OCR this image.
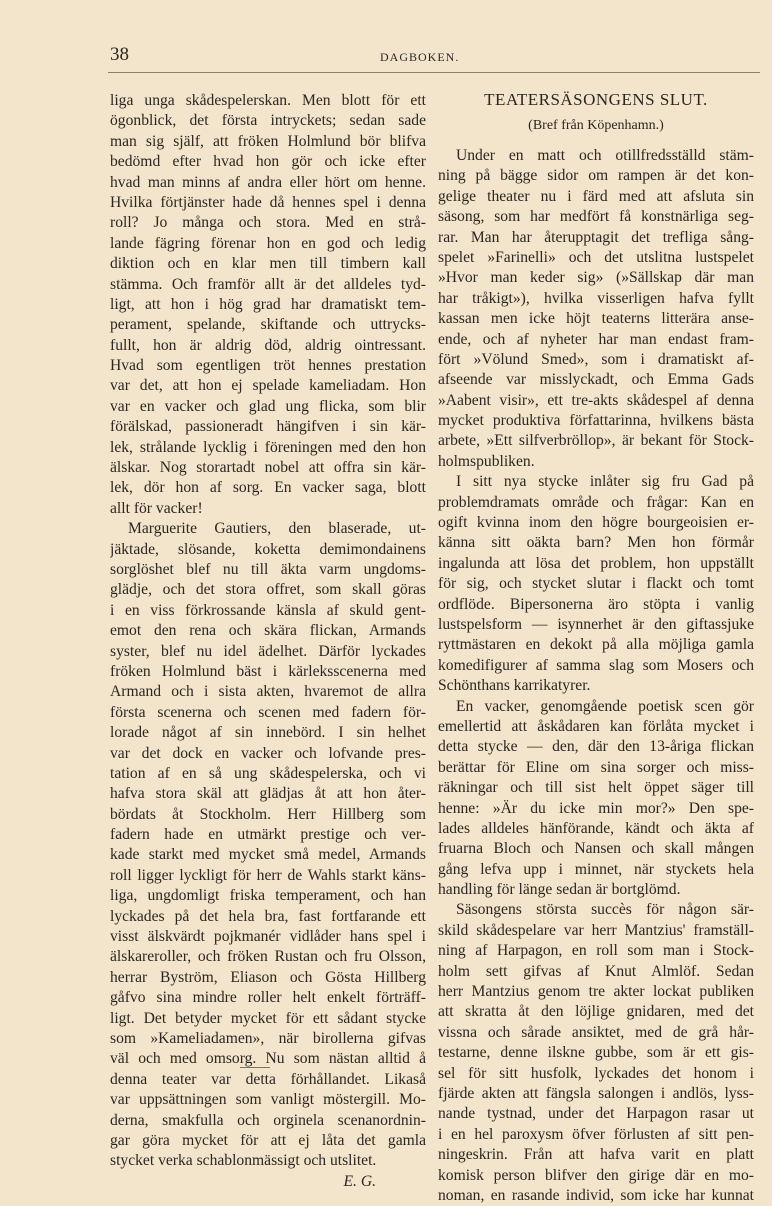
38	DAGBOKEN.
liga unga skådespelerskan. Men blott för ett
ögonblick, det första intryckets; sedan sade
man sig själf, att fröken Holmlund bör blifva
bedömd efter hvad hon gör och icke efter
hvad man minns af andra eller hört om henne.
Hvilka förtjänster hade då hennes spel i denna
roll? Jo många och stora. Med en strå-
lande fägring förenar hon en god och ledig
diktion och en klar men till timbern kall
stämma. Och framför allt är det alldeles tyd-
ligt, att hon i hög grad har dramatiskt tem-
perament, spelande, skiftande och uttrycks-
fullt, hon är aldrig död, aldrig ointressant.
Hvad som egentligen tröt hennes prestation
var det, att hon ej spelade kameliadam. Hon
var en vacker och glad ung flicka, som blir
förälskad, passioneradt hängifven i sin kär-
lek, strålande lycklig i föreningen med den hon
älskar. Nog storartadt nobel att offra sin kär-
lek, dör hon af sorg. En vacker saga, blott
allt för vacker!
Marguerite Gautiers, den blaserade, ut-
jäktade, slösande, koketta demimondainens
sorglöshet blef nu till äkta varm ungdoms-
glädje, och det stora offret, som skall göras
i en viss förkrossande känsla af skuld gent-
emot den rena och skära flickan, Armands
syster, blef nu idel ädelhet. Därför lyckades
fröken Holmlund bäst i kärleksscenerna med
Armand och i sista akten, hvaremot de allra
första scenerna och scenen med fadern för-
lorade något af sin innebörd. I sin helhet
var det dock en vacker och lofvande pres-
tation af en så ung skådespelerska, och vi
hafva stora skäl att glädjas åt att hon åter-
bördats åt Stockholm. Herr Hillberg som
fadern hade en utmärkt prestige och ver-
kade starkt med mycket små medel, Armands
roll ligger lyckligt för herr de Wahls starkt käns-
liga, ungdomligt friska temperament, och han
lyckades på det hela bra, fast fortfarande ett
visst älskvärdt pojkmanér vidlåder hans spel i
älskareroller, och fröken Rustan och fru Olsson,
herrar Byström, Eliason och Gösta Hillberg
gåfvo sina mindre roller helt enkelt förträff-
ligt. Det betyder mycket för ett sådant stycke
som »Kameliadamen», när birollerna gifvas
väl och med omsorg. Nu som nästan alltid å
denna teater var detta förhållandet. Likaså
var uppsättningen som vanligt möstergill. Mo-
derna, smakfulla och orginela scenanordnin-
gar göra mycket för att ej låta det gamla
stycket verka schablonmässigt och utslitet.
E. G.
TEATERSÄSONGENS SLUT.
(Bref från Köpenhamn.)
Under en matt och otillfredsställd stäm-
ning på bägge sidor om rampen är det kon-
gelige theater nu i färd med att afsluta sin
säsong, som har medfört få konstnärliga seg-
rar. Man har återupptagit det trefliga sång-
spelet »Farinelli» och det utslitna lustspelet
»Hvor man keder sig» (»Sällskap där man
har tråkigt»), hvilka visserligen hafva fyllt
kassan men icke höjt teaterns litterära anse-
ende, och af nyheter har man endast fram-
fört »Völund Smed», som i dramatiskt af-
afseende var misslyckadt, och Emma Gads
»Aabent visir», ett tre-akts skådespel af denna
mycket produktiva författarinna, hvilkens bästa
arbete, »Ett silfverbröllop», är bekant för Stock-
holmspubliken.
I sitt nya stycke inlåter sig fru Gad på
problemdramats område och frågar: Kan en
ogift kvinna inom den högre bourgeoisien er-
känna sitt oäkta barn? Men hon förmår
ingalunda att lösa det problem, hon uppställt
för sig, och stycket slutar i flackt och tomt
ordflöde. Bipersonerna äro stöpta i vanlig
lustspelsform — isynnerhet är den giftassjuke
ryttmästaren en dekokt på alla möjliga gamla
komedifigurer af samma slag som Mosers och
Schönthans karrikatyrer.
En vacker, genomgående poetisk scen gör
emellertid att åskådaren kan förlåta mycket i
detta stycke — den, där den 13-åriga flickan
berättar för Eline om sina sorger och miss-
räkningar och till sist helt öppet säger till
henne: »Är du icke min mor?» Den spe-
lades alldeles hänförande, kändt och äkta af
fruarna Bloch och Nansen och skall mången
gång lefva upp i minnet, när styckets hela
handling för länge sedan är bortglömd.
Säsongens största succès för någon sär-
skild skådespelare var herr Mantzius' framställ-
ning af Harpagon, en roll som man i Stock-
holm sett gifvas af Knut Almlöf. Sedan
herr Mantzius genom tre akter lockat publiken
att skratta åt den löjlige gnidaren, med det
vissna och sårade ansiktet, med de grå hår-
testarne, denne ilskne gubbe, som är ett gis-
sel för sitt husfolk, lyckades det honom i
fjärde akten att fängsla salongen i andlös, lyss-
nande tystnad, under det Harpagon rasar ut
i en hel paroxysm öfver förlusten af sitt pen-
ningeskrin. Från att hafva varit en platt
komisk person blifver den girige där en mo-
noman, en rasande individ, som icke har kunnat
